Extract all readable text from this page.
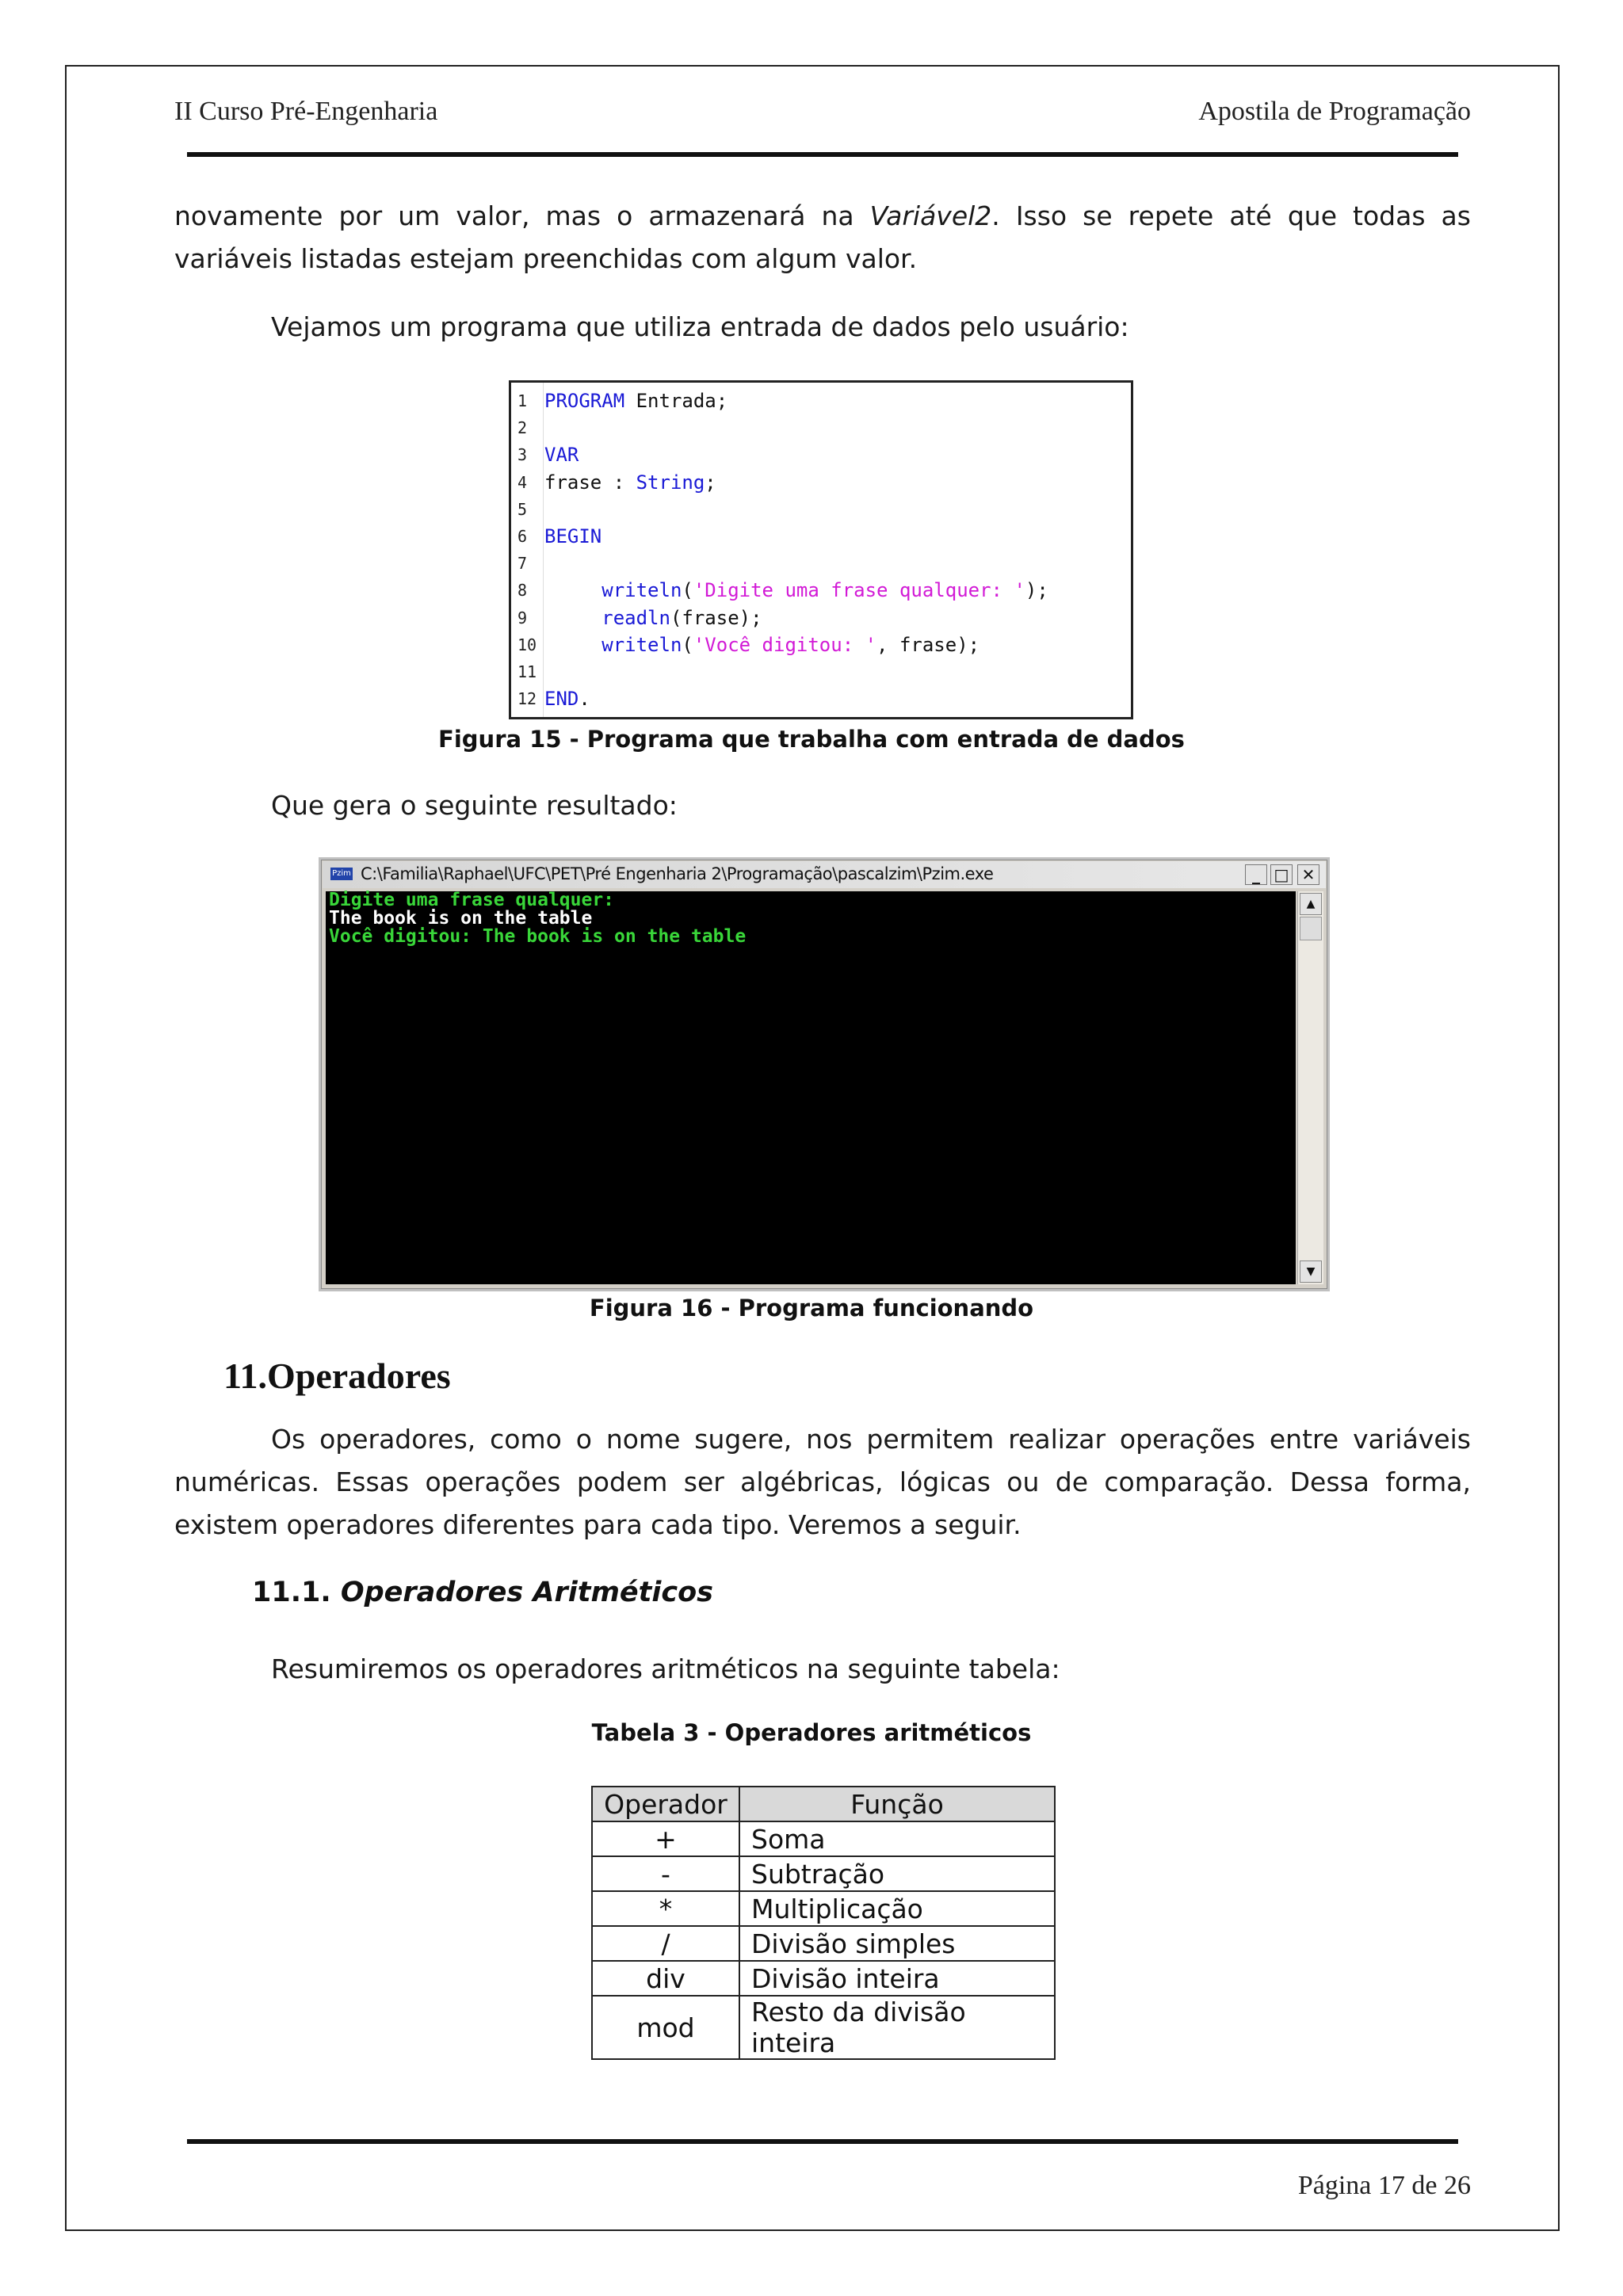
II Curso Pré-Engenharia	Apostila de Programação
novamente por um valor, mas o armazenará na Variável2. Isso se repete até que todas as variáveis listadas estejam preenchidas com algum valor.
Vejamos um programa que utiliza entrada de dados pelo usuário:
1 PROGRAM Entrada;
2
3 VAR
4 frase : String;
5
6 BEGIN
7
8	writeln('Digite uma frase qualquer: ');
9	readln(frase);
10	writeln('Você digitou: ', frase);
11
12 END.
Figura 15 - Programa que trabalha com entrada de dados
Que gera o seguinte resultado:
Pzim C:\Familia\Raphael\UFC\PET\Pré Engenharia 2\Programação\pascalzim\Pzim.exe	_ □ ✕
Digite uma frase qualquer:
The book is on the table
Você digitou: The book is on the table
▲
▼
Figura 16 - Programa funcionando
11.Operadores
Os operadores, como o nome sugere, nos permitem realizar operações entre variáveis numéricas. Essas operações podem ser algébricas, lógicas ou de comparação. Dessa forma, existem operadores diferentes para cada tipo. Veremos a seguir.
11.1. Operadores Aritméticos
Resumiremos os operadores aritméticos na seguinte tabela:
Tabela 3 - Operadores aritméticos
Operador	Função
+	Soma
-	Subtração
*	Multiplicação
/	Divisão simples
div	Divisão inteira
mod	Resto da divisão inteira
Página 17 de 26
